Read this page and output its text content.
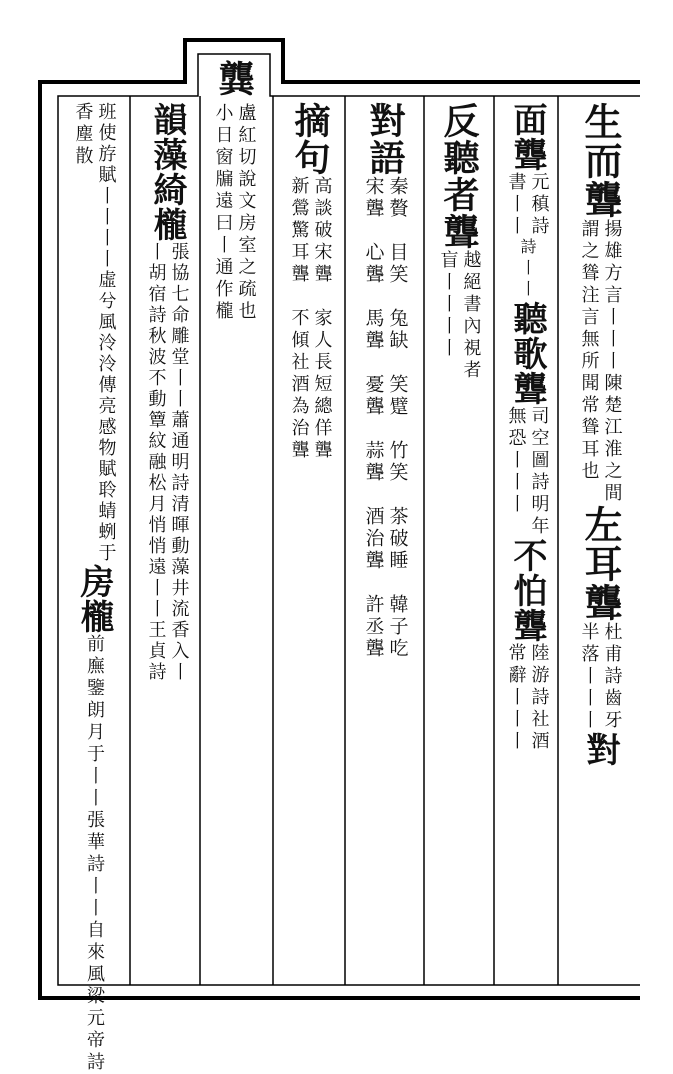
龔
盧紅切說文房室之疏也
小日窗牖遠曰丨通作櫳	生而聾
揚雄方言丨丨丨陳楚江淮之間
謂之聳注言無所聞常聳耳也
左耳聾
杜甫詩齒牙
半落丨丨丨
對
面聾
元稹詩
書丨丨
詩丨丨
聽歌聾
司空圖詩明年
無恐丨丨丨
不怕聾
陸游詩社酒
常辭丨丨丨
反聽者聾
越絕書內視者
盲丨丨丨丨
對語
秦贅　目笑　兔缺　笑躄　竹笑　茶破睡　韓子吃
宋聾　心聾　馬聾　憂聾　蒜聾　酒治聾　許丞聾
摘句
高談破宋聾　家人長短總佯聾
新鶯驚耳聾　不傾社酒為治聾
韻藻綺櫳
張協七命雕堂丨丨蕭通明詩清暉動藻井流香入丨
丨胡宿詩秋波不動簟紋融松月悄悄遠丨丨王貞詩
班使斿賦丨丨丨丨虛兮風泠泠傳亮感物賦聆蜻蛚于
香塵散
房櫳
前廡鑒朗月于丨丨張華詩丨丨自來風梁元帝詩
